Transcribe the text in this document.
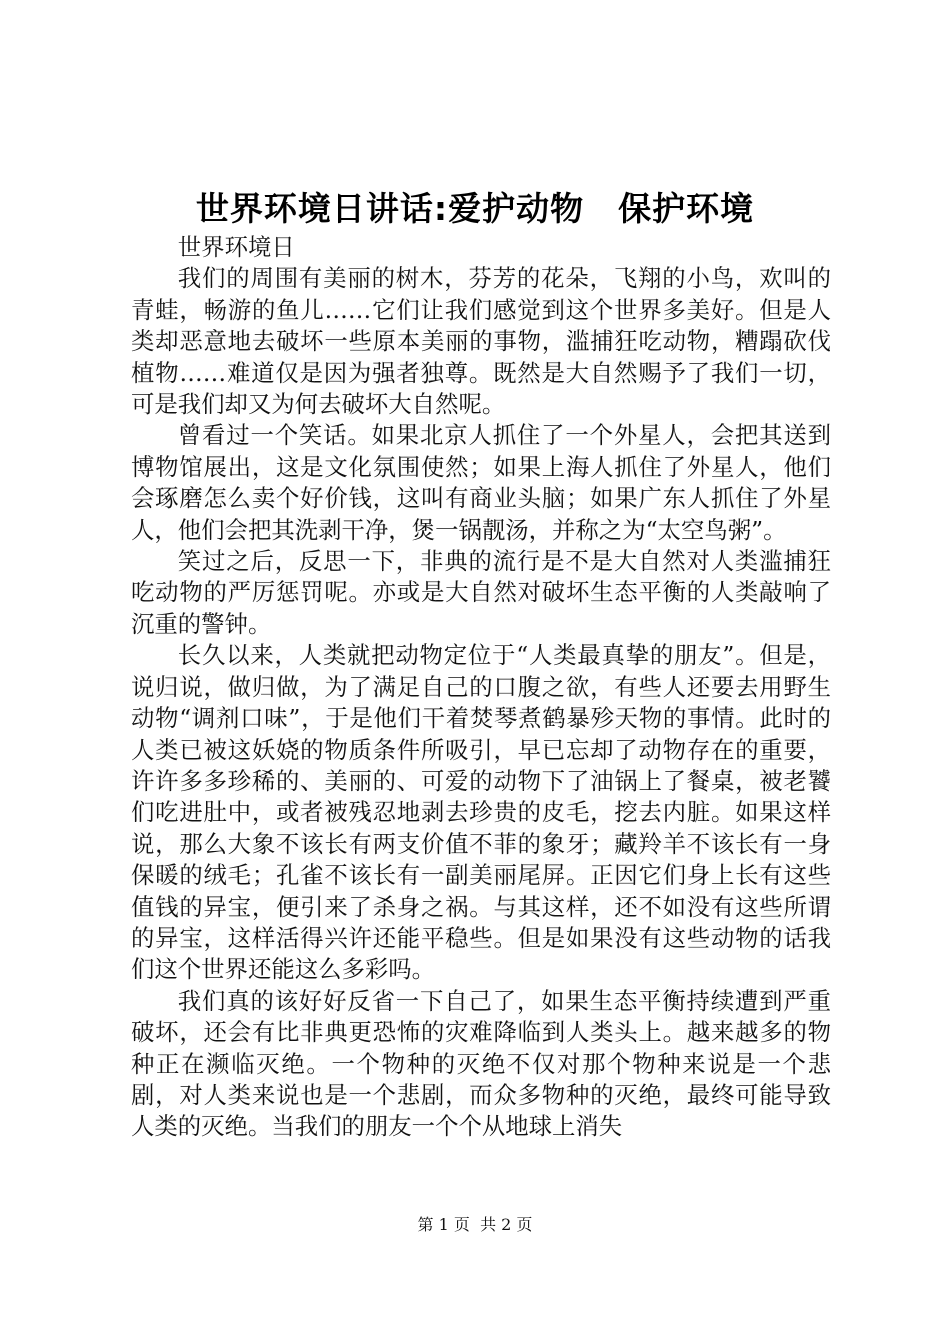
世界环境日讲话:爱护动物　保护环境

世界环境日

我们的周围有美丽的树木，芬芳的花朵，飞翔的小鸟，欢叫的青蛙，畅游的鱼儿……它们让我们感觉到这个世界多美好。但是人类却恶意地去破坏一些原本美丽的事物，滥捕狂吃动物，糟蹋砍伐植物……难道仅是因为强者独尊。既然是大自然赐予了我们一切，可是我们却又为何去破坏大自然呢。

曾看过一个笑话。如果北京人抓住了一个外星人，会把其送到博物馆展出，这是文化氛围使然；如果上海人抓住了外星人，他们会琢磨怎么卖个好价钱，这叫有商业头脑；如果广东人抓住了外星人，他们会把其洗剥干净，煲一锅靓汤，并称之为“太空鸟粥”。

笑过之后，反思一下，非典的流行是不是大自然对人类滥捕狂吃动物的严厉惩罚呢。亦或是大自然对破坏生态平衡的人类敲响了沉重的警钟。

长久以来，人类就把动物定位于“人类最真挚的朋友”。但是，说归说，做归做，为了满足自己的口腹之欲，有些人还要去用野生动物“调剂口味”，于是他们干着焚琴煮鹤暴殄天物的事情。此时的人类已被这妖娆的物质条件所吸引，早已忘却了动物存在的重要，许许多多珍稀的、美丽的、可爱的动物下了油锅上了餐桌，被老饕们吃进肚中，或者被残忍地剥去珍贵的皮毛，挖去内脏。如果这样说，那么大象不该长有两支价值不菲的象牙；藏羚羊不该长有一身保暖的绒毛；孔雀不该长有一副美丽尾屏。正因它们身上长有这些值钱的异宝，便引来了杀身之祸。与其这样，还不如没有这些所谓的异宝，这样活得兴许还能平稳些。但是如果没有这些动物的话我们这个世界还能这么多彩吗。

我们真的该好好反省一下自己了，如果生态平衡持续遭到严重破坏，还会有比非典更恐怖的灾难降临到人类头上。越来越多的物种正在濒临灭绝。一个物种的灭绝不仅对那个物种来说是一个悲剧，对人类来说也是一个悲剧，而众多物种的灭绝，最终可能导致人类的灭绝。当我们的朋友一个个从地球上消失

第 1 页  共 2 页
